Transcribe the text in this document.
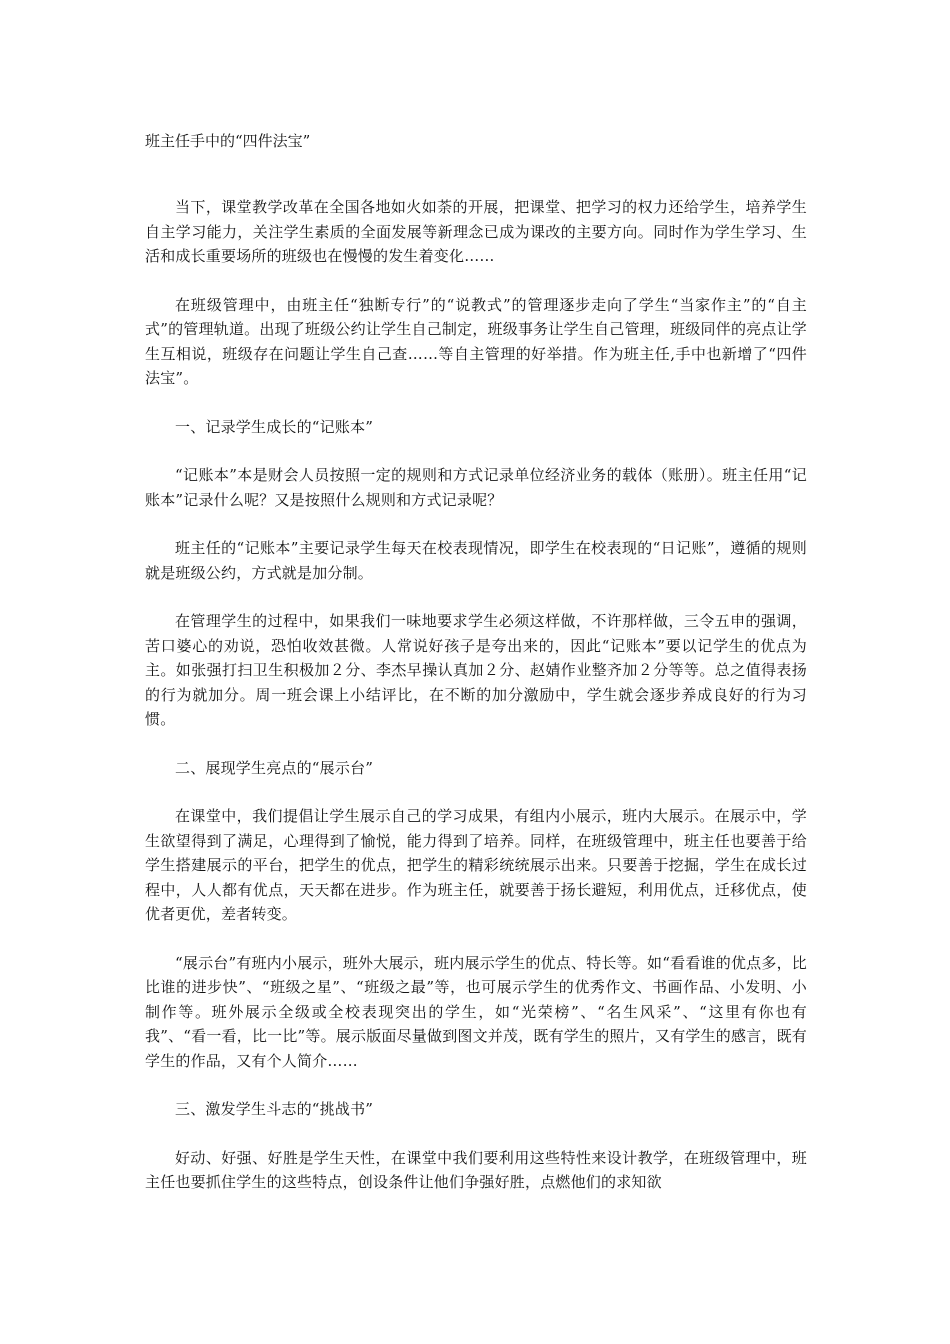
班主任手中的“四件法宝”

当下，课堂教学改革在全国各地如火如荼的开展，把课堂、把学习的权力还给学生，培养学生自主学习能力，关注学生素质的全面发展等新理念已成为课改的主要方向。同时作为学生学习、生活和成长重要场所的班级也在慢慢的发生着变化……

在班级管理中，由班主任“独断专行”的“说教式”的管理逐步走向了学生“当家作主”的“自主式”的管理轨道。出现了班级公约让学生自己制定，班级事务让学生自己管理，班级同伴的亮点让学生互相说，班级存在问题让学生自己查……等自主管理的好举措。作为班主任,手中也新增了“四件法宝”。

一、记录学生成长的“记账本”

“记账本”本是财会人员按照一定的规则和方式记录单位经济业务的载体（账册）。班主任用“记账本”记录什么呢？又是按照什么规则和方式记录呢？

班主任的“记账本”主要记录学生每天在校表现情况，即学生在校表现的“日记账”，遵循的规则就是班级公约，方式就是加分制。

在管理学生的过程中，如果我们一味地要求学生必须这样做，不许那样做，三令五申的强调，苦口婆心的劝说，恐怕收效甚微。人常说好孩子是夸出来的，因此“记账本”要以记学生的优点为主。如张强打扫卫生积极加２分、李杰早操认真加２分、赵婧作业整齐加２分等等。总之值得表扬的行为就加分。周一班会课上小结评比，在不断的加分激励中，学生就会逐步养成良好的行为习惯。

二、展现学生亮点的“展示台”

在课堂中，我们提倡让学生展示自己的学习成果，有组内小展示，班内大展示。在展示中，学生欲望得到了满足，心理得到了愉悦，能力得到了培养。同样，在班级管理中，班主任也要善于给学生搭建展示的平台，把学生的优点，把学生的精彩统统展示出来。只要善于挖掘，学生在成长过程中，人人都有优点，天天都在进步。作为班主任，就要善于扬长避短，利用优点，迁移优点，使优者更优，差者转变。

“展示台”有班内小展示，班外大展示，班内展示学生的优点、特长等。如“看看谁的优点多，比比谁的进步快”、“班级之星”、“班级之最”等，也可展示学生的优秀作文、书画作品、小发明、小制作等。班外展示全级或全校表现突出的学生，如“光荣榜”、“名生风采”、“这里有你也有我”、“看一看，比一比”等。展示版面尽量做到图文并茂，既有学生的照片，又有学生的感言，既有学生的作品，又有个人简介……

三、激发学生斗志的“挑战书”

好动、好强、好胜是学生天性，在课堂中我们要利用这些特性来设计教学，在班级管理中，班主任也要抓住学生的这些特点，创设条件让他们争强好胜，点燃他们的求知欲
